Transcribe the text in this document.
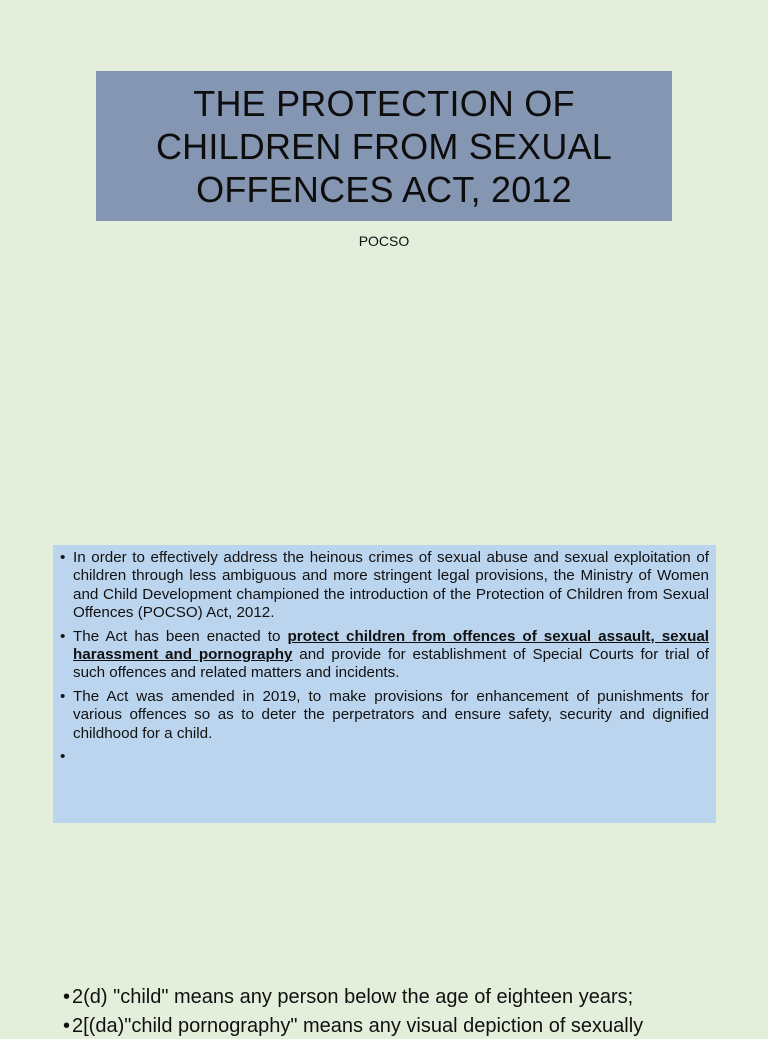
THE PROTECTION OF CHILDREN FROM SEXUAL OFFENCES ACT, 2012
POCSO
• In order to effectively address the heinous crimes of sexual abuse and sexual exploitation of children through less ambiguous and more stringent legal provisions, the Ministry of Women and Child Development championed the introduction of the Protection of Children from Sexual Offences (POCSO) Act, 2012.
• The Act has been enacted to protect children from offences of sexual assault, sexual harassment and pornography and provide for establishment of Special Courts for trial of such offences and related matters and incidents.
• The Act was amended in 2019, to make provisions for enhancement of punishments for various offences so as to deter the perpetrators and ensure safety, security and dignified childhood for a child.
• 2(d) "child" means any person below the age of eighteen years;
• 2[(da)"child pornography" means any visual depiction of sexually
